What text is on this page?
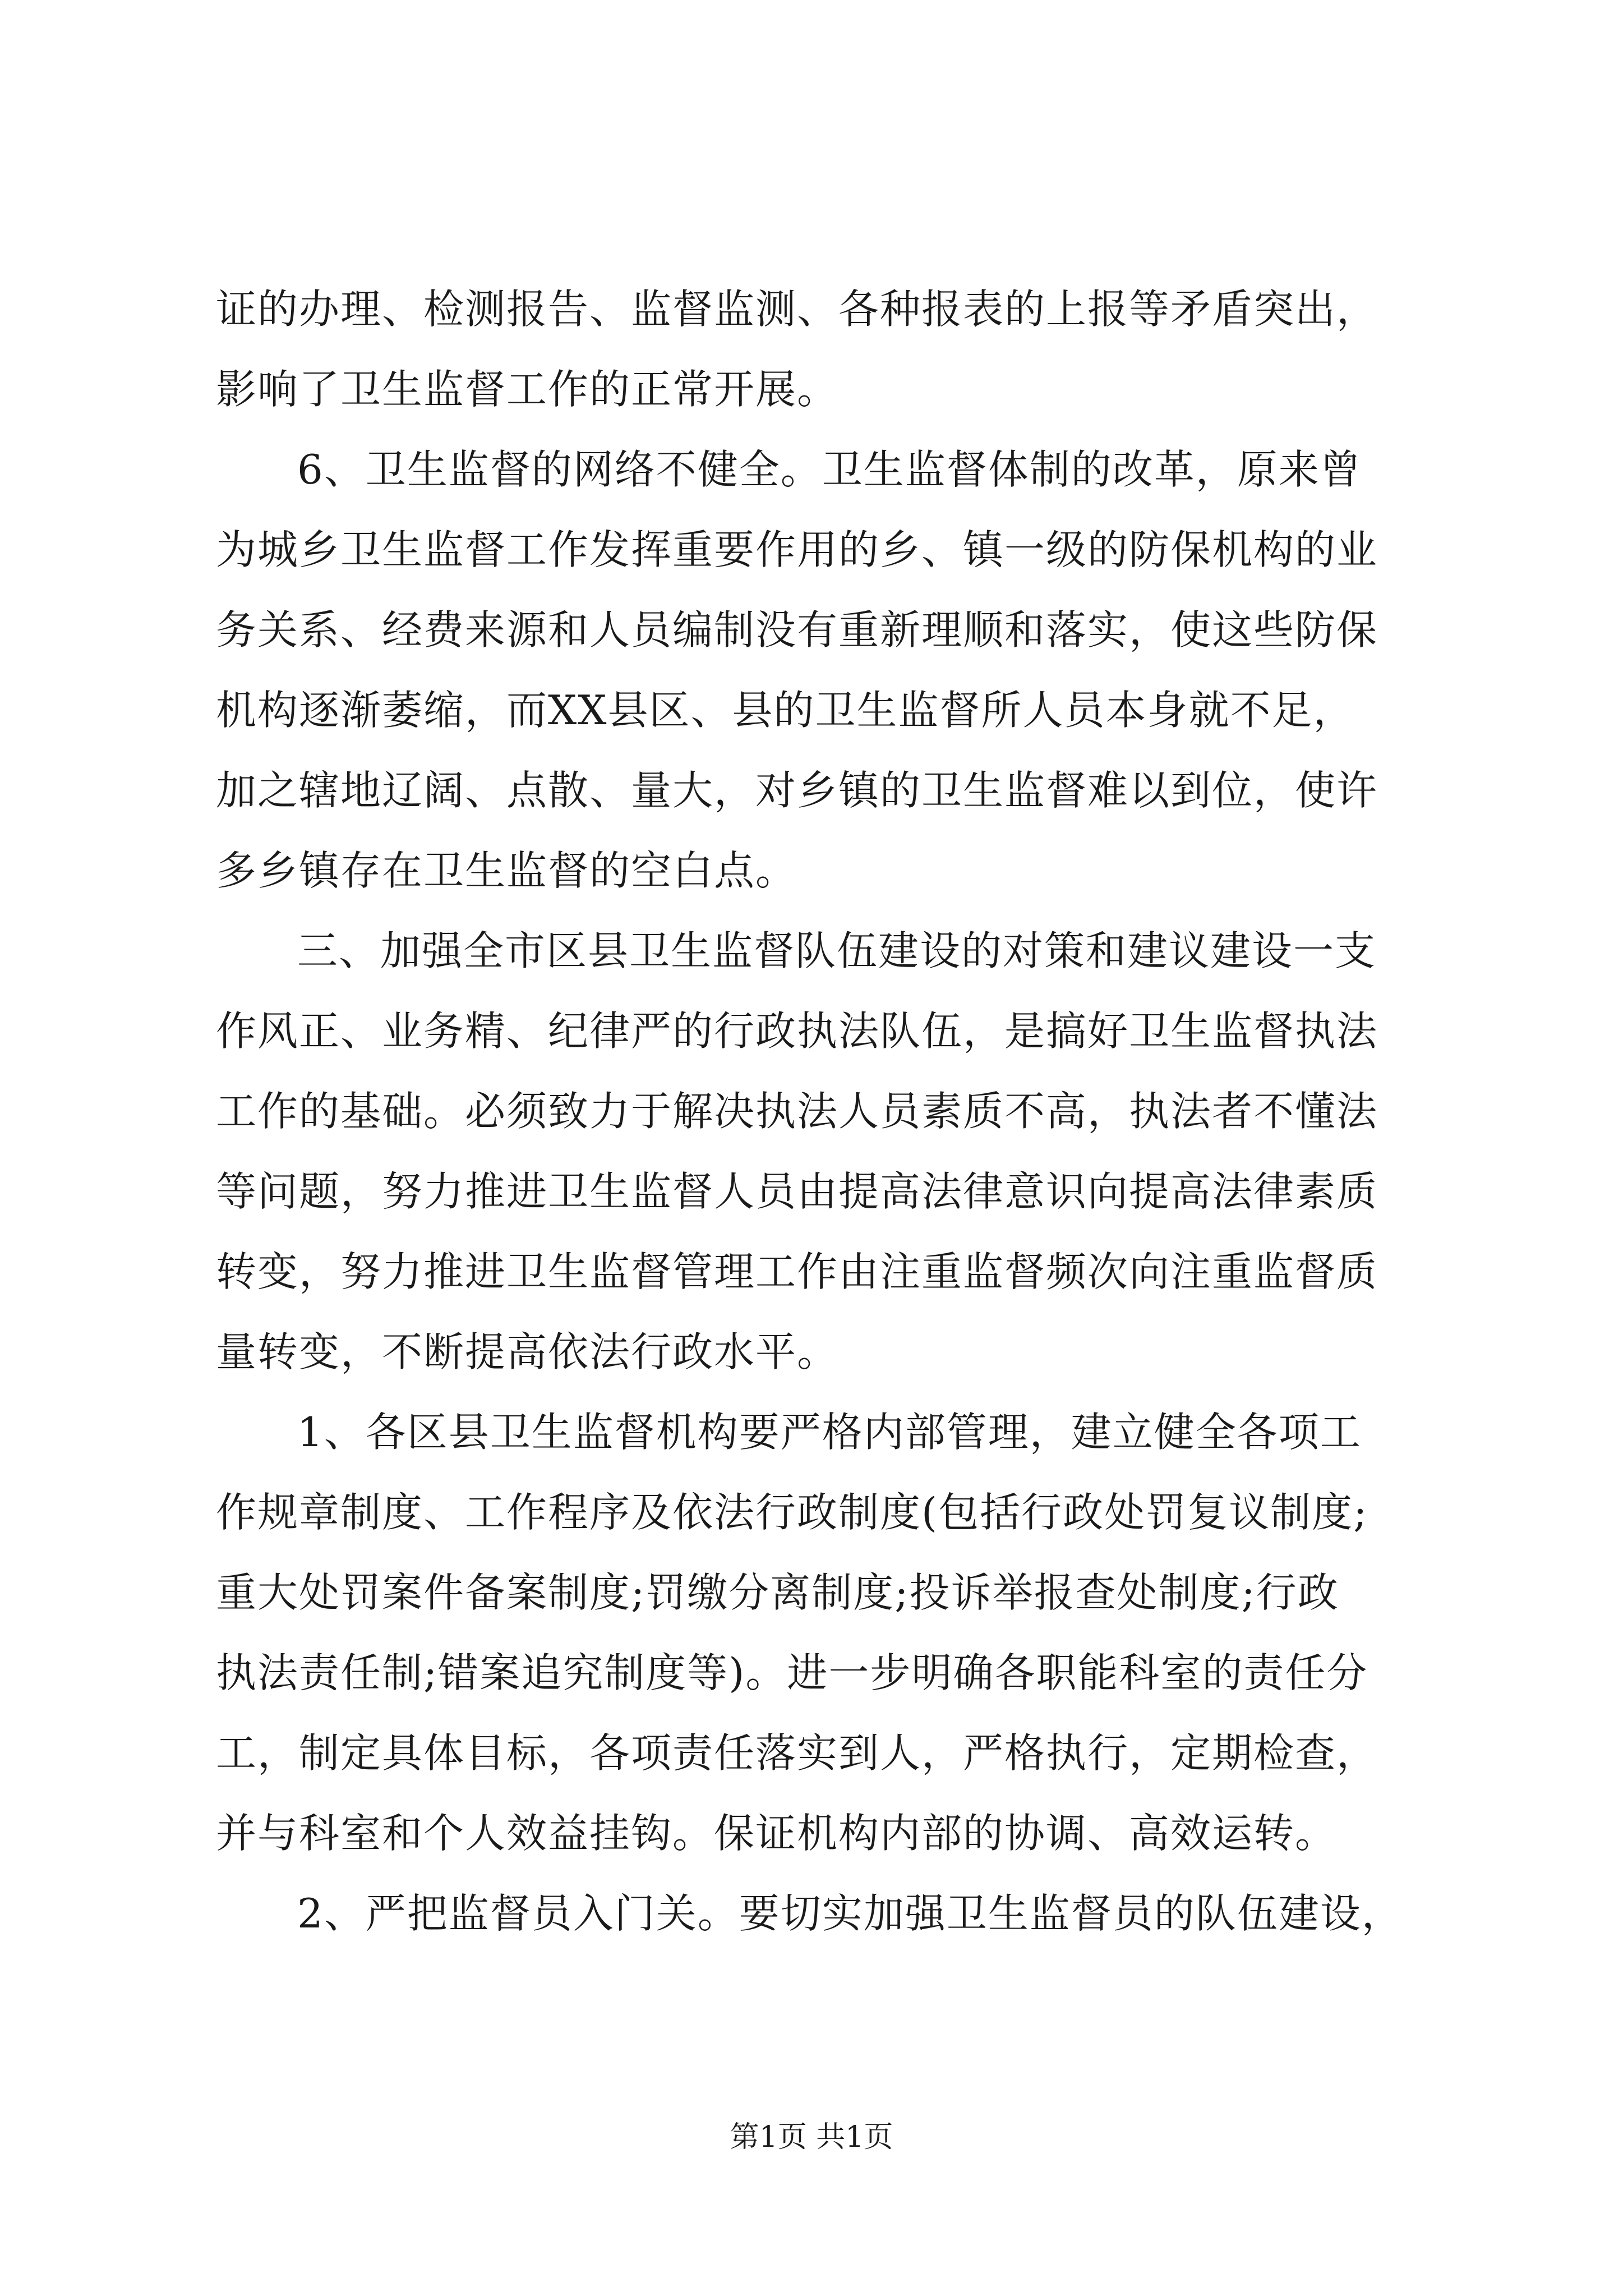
证的办理、检测报告、监督监测、各种报表的上报等矛盾突出，
影响了卫生监督工作的正常开展。
6、卫生监督的网络不健全。卫生监督体制的改革，原来曾
为城乡卫生监督工作发挥重要作用的乡、镇一级的防保机构的业
务关系、经费来源和人员编制没有重新理顺和落实，使这些防保
机构逐渐萎缩，而XX县区、县的卫生监督所人员本身就不足，
加之辖地辽阔、点散、量大，对乡镇的卫生监督难以到位，使许
多乡镇存在卫生监督的空白点。
三、加强全市区县卫生监督队伍建设的对策和建议建设一支
作风正、业务精、纪律严的行政执法队伍，是搞好卫生监督执法
工作的基础。必须致力于解决执法人员素质不高，执法者不懂法
等问题，努力推进卫生监督人员由提高法律意识向提高法律素质
转变，努力推进卫生监督管理工作由注重监督频次向注重监督质
量转变，不断提高依法行政水平。
1、各区县卫生监督机构要严格内部管理，建立健全各项工
作规章制度、工作程序及依法行政制度(包括行政处罚复议制度;
重大处罚案件备案制度;罚缴分离制度;投诉举报查处制度;行政
执法责任制;错案追究制度等)。进一步明确各职能科室的责任分
工，制定具体目标，各项责任落实到人，严格执行，定期检查，
并与科室和个人效益挂钩。保证机构内部的协调、高效运转。
2、严把监督员入门关。要切实加强卫生监督员的队伍建设，
第1页 共1页
